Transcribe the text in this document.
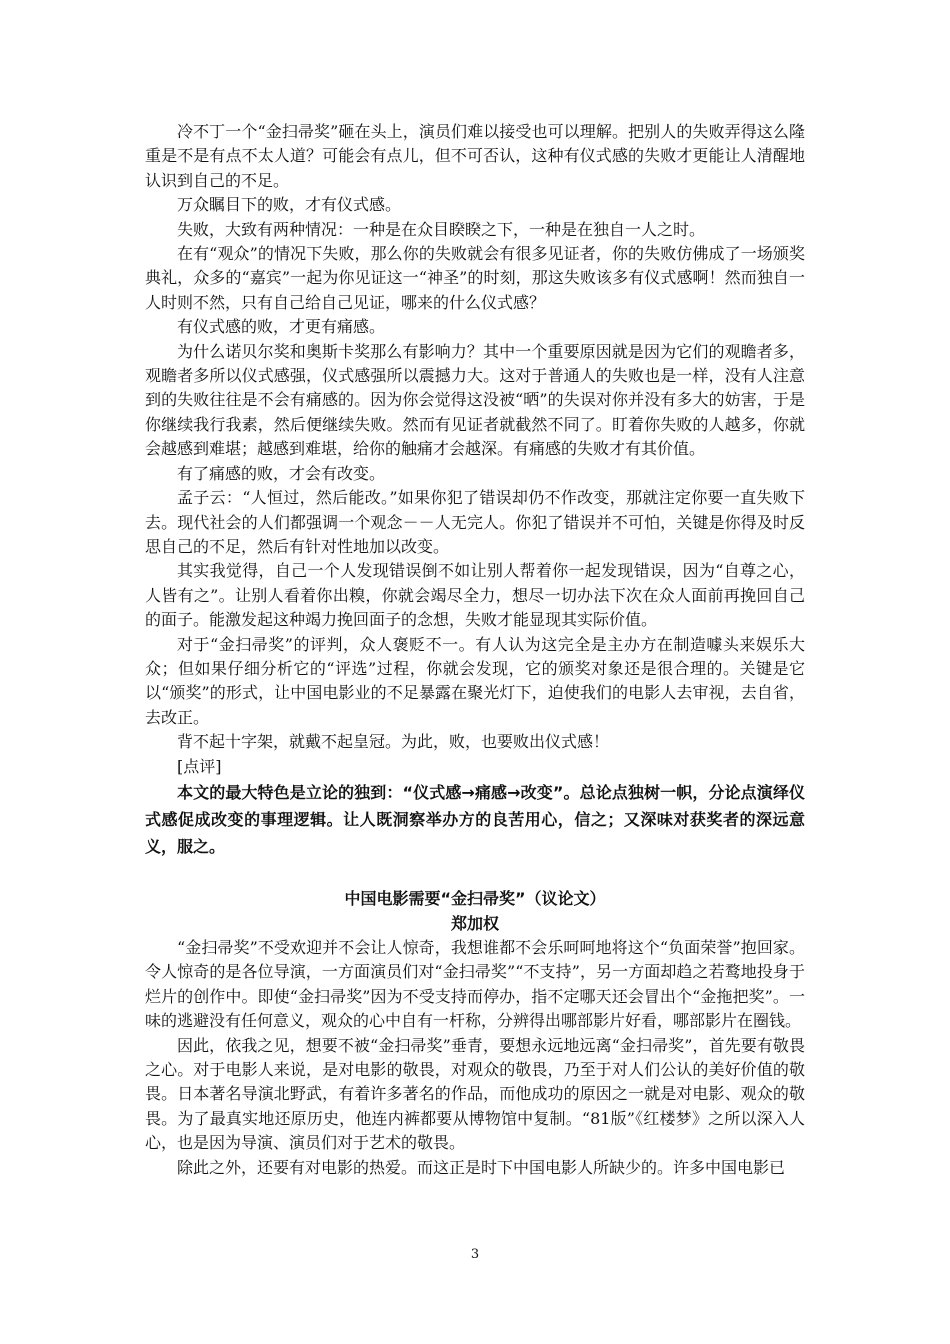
冷不丁一个“金扫帚奖”砸在头上，演员们难以接受也可以理解。把别人的失败弄得这么隆重是不是有点不太人道？可能会有点儿，但不可否认，这种有仪式感的失败才更能让人清醒地认识到自己的不足。

万众瞩目下的败，才有仪式感。

失败，大致有两种情况：一种是在众目睽睽之下，一种是在独自一人之时。

在有“观众”的情况下失败，那么你的失败就会有很多见证者，你的失败仿佛成了一场颁奖典礼，众多的“嘉宾”一起为你见证这一“神圣”的时刻，那这失败该多有仪式感啊！然而独自一人时则不然，只有自己给自己见证，哪来的什么仪式感？

有仪式感的败，才更有痛感。

为什么诺贝尔奖和奥斯卡奖那么有影响力？其中一个重要原因就是因为它们的观瞻者多，观瞻者多所以仪式感强，仪式感强所以震撼力大。这对于普通人的失败也是一样，没有人注意到的失败往往是不会有痛感的。因为你会觉得这没被“晒”的失误对你并没有多大的妨害，于是你继续我行我素，然后便继续失败。然而有见证者就截然不同了。盯着你失败的人越多，你就会越感到难堪；越感到难堪，给你的触痛才会越深。有痛感的失败才有其价值。

有了痛感的败，才会有改变。

孟子云：“人恒过，然后能改。”如果你犯了错误却仍不作改变，那就注定你要一直失败下去。现代社会的人们都强调一个观念－－人无完人。你犯了错误并不可怕，关键是你得及时反思自己的不足，然后有针对性地加以改变。

其实我觉得，自己一个人发现错误倒不如让别人帮着你一起发现错误，因为“自尊之心，人皆有之”。让别人看着你出糗，你就会竭尽全力，想尽一切办法下次在众人面前再挽回自己的面子。能激发起这种竭力挽回面子的念想，失败才能显现其实际价值。

对于“金扫帚奖”的评判，众人褒贬不一。有人认为这完全是主办方在制造噱头来娱乐大众；但如果仔细分析它的“评选”过程，你就会发现，它的颁奖对象还是很合理的。关键是它以“颁奖”的形式，让中国电影业的不足暴露在聚光灯下，迫使我们的电影人去审视，去自省，去改正。

背不起十字架，就戴不起皇冠。为此，败，也要败出仪式感！

[点评]

本文的最大特色是立论的独到：“仪式感→痛感→改变”。总论点独树一帜，分论点演绎仪式感促成改变的事理逻辑。让人既洞察举办方的良苦用心，信之；又深味对获奖者的深远意义，服之。

中国电影需要“金扫帚奖”（议论文）
郑加权

“金扫帚奖”不受欢迎并不会让人惊奇，我想谁都不会乐呵呵地将这个“负面荣誉”抱回家。令人惊奇的是各位导演，一方面演员们对“金扫帚奖”“不支持”，另一方面却趋之若鹜地投身于烂片的创作中。即使“金扫帚奖”因为不受支持而停办，指不定哪天还会冒出个“金拖把奖”。一味的逃避没有任何意义，观众的心中自有一杆称，分辨得出哪部影片好看，哪部影片在圈钱。

因此，依我之见，想要不被“金扫帚奖”垂青，要想永远地远离“金扫帚奖”，首先要有敬畏之心。对于电影人来说，是对电影的敬畏，对观众的敬畏，乃至于对人们公认的美好价值的敬畏。日本著名导演北野武，有着许多著名的作品，而他成功的原因之一就是对电影、观众的敬畏。为了最真实地还原历史，他连内裤都要从博物馆中复制。“81版”《红楼梦》之所以深入人心，也是因为导演、演员们对于艺术的敬畏。

除此之外，还要有对电影的热爱。而这正是时下中国电影人所缺少的。许多中国电影已

3
